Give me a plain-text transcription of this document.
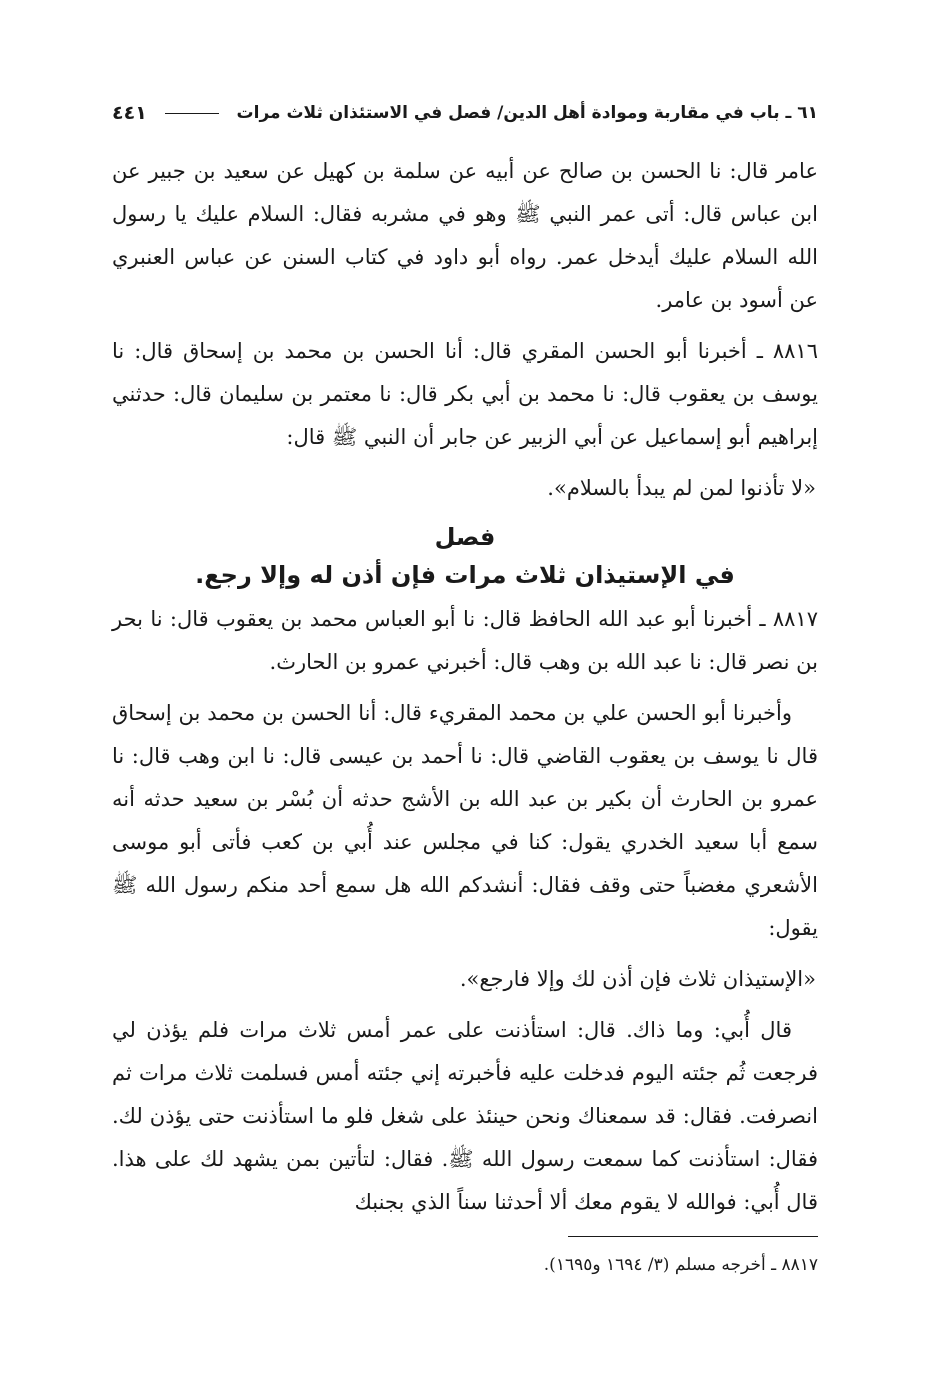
٦١ ـ باب في مقاربة وموادة أهل الدين/ فصل في الاستئذان ثلاث مرات
٤٤١

عامر قال: نا الحسن بن صالح عن أبيه عن سلمة بن كهيل عن سعيد بن جبير عن ابن عباس قال: أتى عمر النبي ﷺ وهو في مشربه فقال: السلام عليك يا رسول الله السلام عليك أيدخل عمر. رواه أبو داود في كتاب السنن عن عباس العنبري عن أسود بن عامر.

٨٨١٦ ـ أخبرنا أبو الحسن المقري قال: أنا الحسن بن محمد بن إسحاق قال: نا يوسف بن يعقوب قال: نا محمد بن أبي بكر قال: نا معتمر بن سليمان قال: حدثني إبراهيم أبو إسماعيل عن أبي الزبير عن جابر أن النبي ﷺ قال:

«لا تأذنوا لمن لم يبدأ بالسلام».

فصل
في الإستيذان ثلاث مرات فإن أذن له وإلا رجع.

٨٨١٧ ـ أخبرنا أبو عبد الله الحافظ قال: نا أبو العباس محمد بن يعقوب قال: نا بحر بن نصر قال: نا عبد الله بن وهب قال: أخبرني عمرو بن الحارث.

وأخبرنا أبو الحسن علي بن محمد المقريء قال: أنا الحسن بن محمد بن إسحاق قال نا يوسف بن يعقوب القاضي قال: نا أحمد بن عيسى قال: نا ابن وهب قال: نا عمرو بن الحارث أن بكير بن عبد الله بن الأشج حدثه أن بُسْر بن سعيد حدثه أنه سمع أبا سعيد الخدري يقول: كنا في مجلس عند أُبي بن كعب فأتى أبو موسى الأشعري مغضباً حتى وقف فقال: أنشدكم الله هل سمع أحد منكم رسول الله ﷺ يقول:

«الإستيذان ثلاث فإن أذن لك وإلا فارجع».

قال أُبي: وما ذاك. قال: استأذنت على عمر أمس ثلاث مرات فلم يؤذن لي فرجعت ثُم جئته اليوم فدخلت عليه فأخبرته إني جئته أمس فسلمت ثلاث مرات ثم انصرفت. فقال: قد سمعناك ونحن حينئذ على شغل فلو ما استأذنت حتى يؤذن لك. فقال: استأذنت كما سمعت رسول الله ﷺ. فقال: لتأتين بمن يشهد لك على هذا. قال أُبي: فوالله لا يقوم معك ألا أحدثنا سناً الذي بجنبك

٨٨١٧ ـ أخرجه مسلم (٣/ ١٦٩٤ و١٦٩٥).
